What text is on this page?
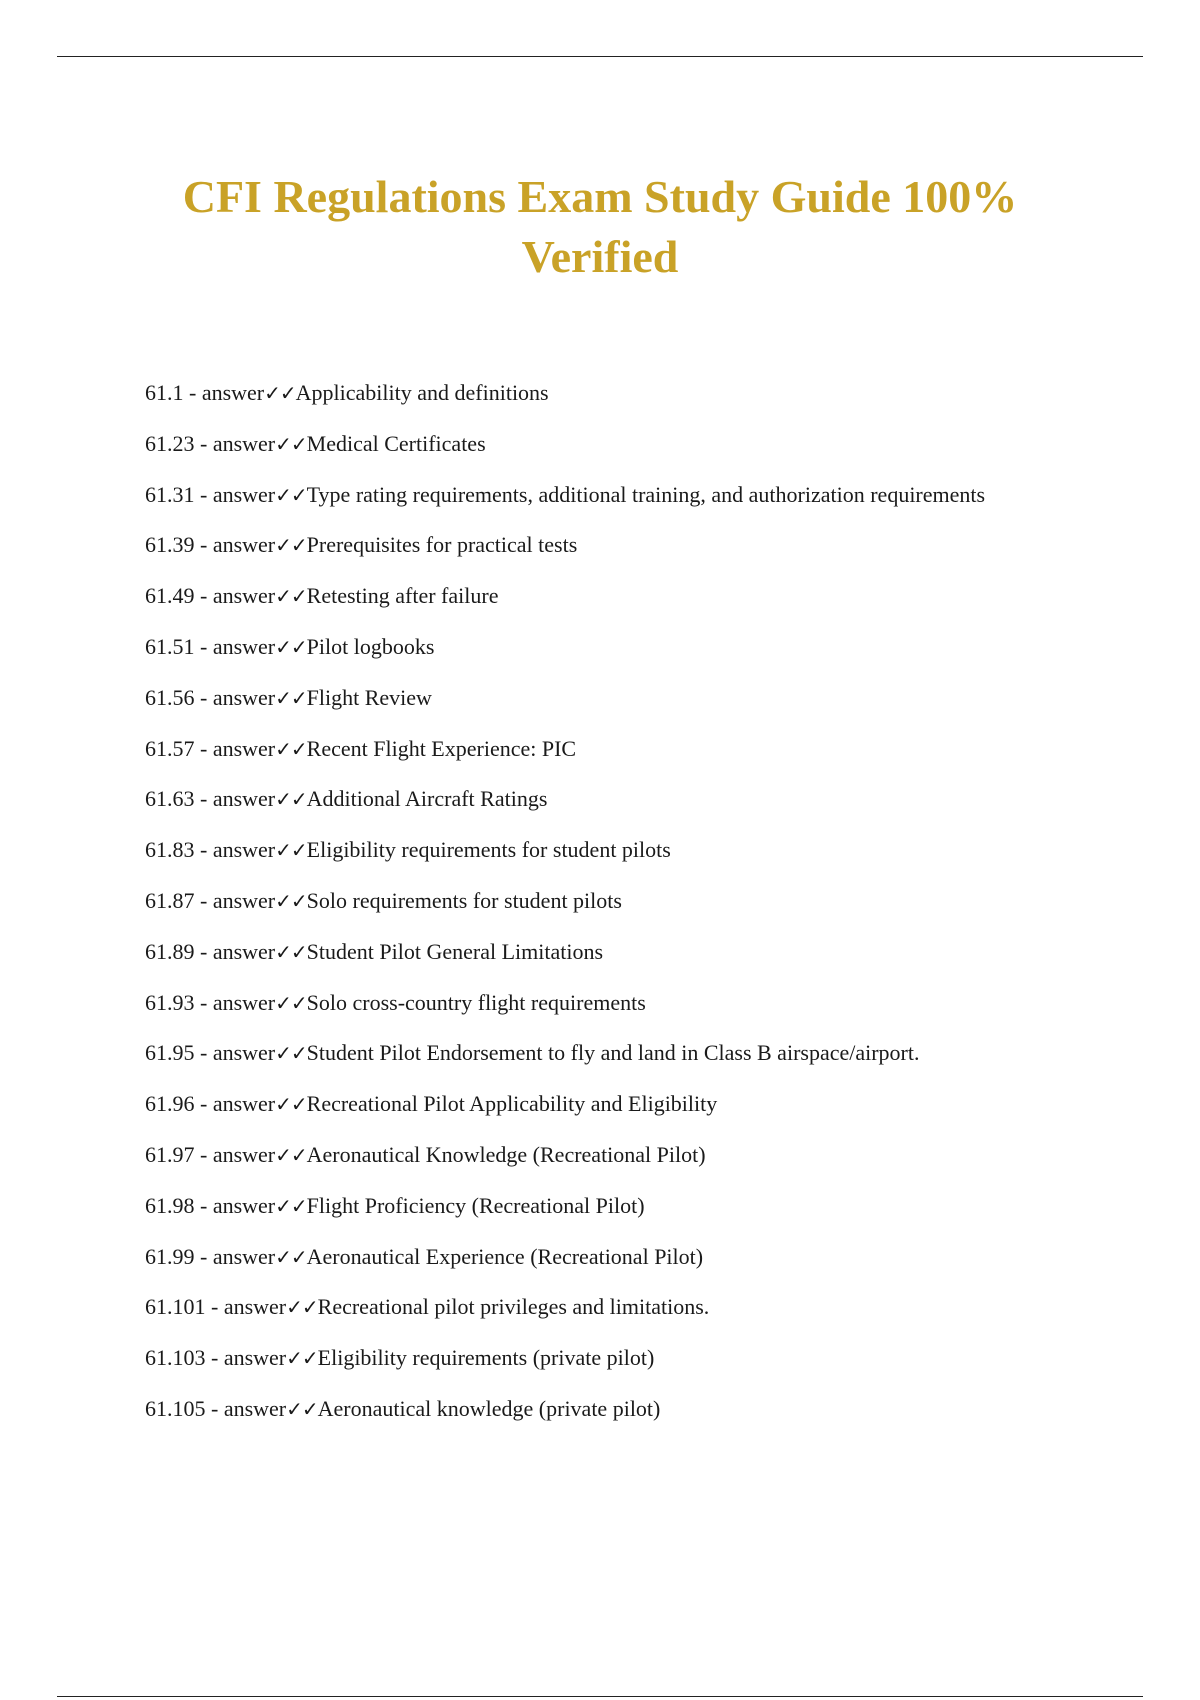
CFI Regulations Exam Study Guide 100% Verified
61.1 - answer✓✓Applicability and definitions
61.23 - answer✓✓Medical Certificates
61.31 - answer✓✓Type rating requirements, additional training, and authorization requirements
61.39 - answer✓✓Prerequisites for practical tests
61.49 - answer✓✓Retesting after failure
61.51 - answer✓✓Pilot logbooks
61.56 - answer✓✓Flight Review
61.57 - answer✓✓Recent Flight Experience: PIC
61.63 - answer✓✓Additional Aircraft Ratings
61.83 - answer✓✓Eligibility requirements for student pilots
61.87 - answer✓✓Solo requirements for student pilots
61.89 - answer✓✓Student Pilot General Limitations
61.93 - answer✓✓Solo cross-country flight requirements
61.95 - answer✓✓Student Pilot Endorsement to fly and land in Class B airspace/airport.
61.96 - answer✓✓Recreational Pilot Applicability and Eligibility
61.97 - answer✓✓Aeronautical Knowledge (Recreational Pilot)
61.98 - answer✓✓Flight Proficiency (Recreational Pilot)
61.99 - answer✓✓Aeronautical Experience (Recreational Pilot)
61.101 - answer✓✓Recreational pilot privileges and limitations.
61.103 - answer✓✓Eligibility requirements (private pilot)
61.105 - answer✓✓Aeronautical knowledge (private pilot)
